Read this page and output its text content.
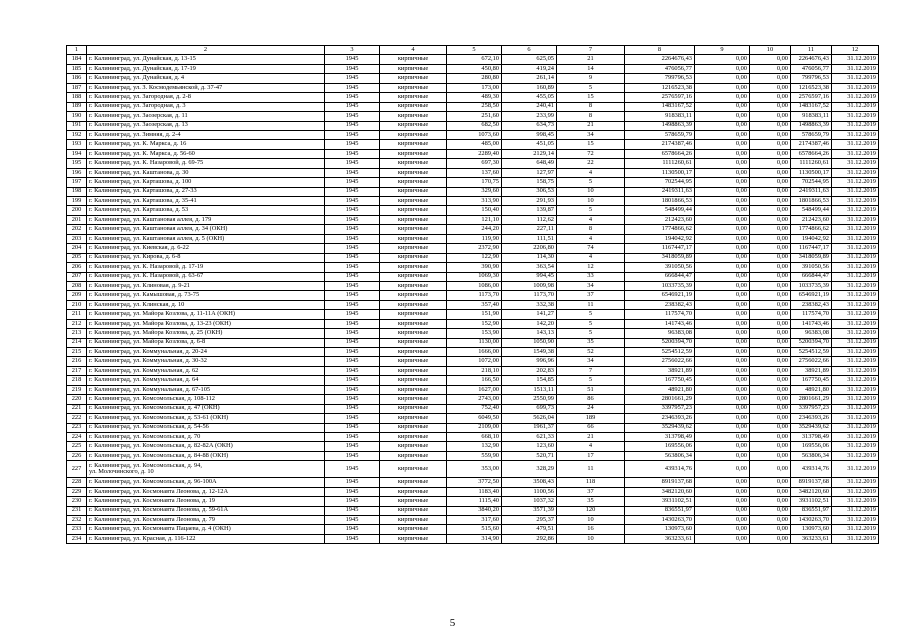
1	2	3	4	5	6	7	8	9	10	11	12
184	г. Калининград, ул. Дунайская, д. 13-15	1945	кирпичные	672,10	625,05	21	2264676,43	0,00	0,00	2264676,43	31.12.2019
185	г. Калининград, ул. Дунайская, д. 17-19	1945	кирпичные	450,80	419,24	14	476056,77	0,00	0,00	476056,77	31.12.2019
186	г. Калининград, ул. Дунайская, д. 4	1945	кирпичные	280,80	261,14	9	799796,53	0,00	0,00	799796,53	31.12.2019
187	г. Калининград, ул. З. Космодемьянской, д. 37-47	1945	кирпичные	173,00	160,89	5	1216523,38	0,00	0,00	1216523,38	31.12.2019
188	г. Калининград, ул. Загородная, д. 2-8	1945	кирпичные	489,30	455,05	15	2576597,16	0,00	0,00	2576597,16	31.12.2019
189	г. Калининград, ул. Загородная, д. 3	1945	кирпичные	258,50	240,41	8	1483167,52	0,00	0,00	1483167,52	31.12.2019
190	г. Калининград, ул. Заозерская, д. 11	1945	кирпичные	251,60	233,99	8	918383,11	0,00	0,00	918383,11	31.12.2019
191	г. Калининград, ул. Заозерская, д. 13	1945	кирпичные	682,50	634,73	21	1498863,39	0,00	0,00	1498863,39	31.12.2019
192	г. Калининград, ул. Зимняя, д. 2-4	1945	кирпичные	1073,60	998,45	34	578659,79	0,00	0,00	578659,79	31.12.2019
193	г. Калининград, ул. К. Маркса, д. 16	1945	кирпичные	485,00	451,05	15	2174387,46	0,00	0,00	2174387,46	31.12.2019
194	г. Калининград, ул. К. Маркса, д. 56-60	1945	кирпичные	2289,40	2129,14	72	6578664,26	0,00	0,00	6578664,26	31.12.2019
195	г. Калининград, ул. К. Назаровой, д. 69-75	1945	кирпичные	697,30	648,49	22	1111260,61	0,00	0,00	1111260,61	31.12.2019
196	г. Калининград, ул. Каштанова, д. 30	1945	кирпичные	137,60	127,97	4	1130500,17	0,00	0,00	1130500,17	31.12.2019
197	г. Калининград, ул. Карташова, д. 100	1945	кирпичные	170,75	158,75	5	702544,95	0,00	0,00	702544,95	31.12.2019
198	г. Калининград, ул. Карташова, д. 27-33	1945	кирпичные	329,60	306,53	10	2419311,63	0,00	0,00	2419311,63	31.12.2019
199	г. Калининград, ул. Карташова, д. 35-41	1945	кирпичные	313,90	291,93	10	1801866,53	0,00	0,00	1801866,53	31.12.2019
200	г. Калининград, ул. Карташова, д. 53	1945	кирпичные	150,40	139,87	5	548499,44	0,00	0,00	548499,44	31.12.2019
201	г. Калининград, ул. Каштановая аллея, д. 179	1945	кирпичные	121,10	112,62	4	212423,60	0,00	0,00	212423,60	31.12.2019
202	г. Калининград, ул. Каштановая аллея, д. 34 (ОКН)	1945	кирпичные	244,20	227,11	8	1774866,62	0,00	0,00	1774866,62	31.12.2019
203	г. Калининград, ул. Каштановая аллея, д. 5 (ОКН)	1945	кирпичные	119,90	111,51	4	194042,92	0,00	0,00	194042,92	31.12.2019
204	г. Калининград, ул. Киевская, д. 6-22	1945	кирпичные	2372,90	2206,80	74	1167447,17	0,00	0,00	1167447,17	31.12.2019
205	г. Калининград, ул. Кирова, д. 6-8	1945	кирпичные	122,90	114,30	4	3418059,89	0,00	0,00	3418059,89	31.12.2019
206	г. Калининград, ул. К. Назаровой, д. 17-19	1945	кирпичные	390,90	363,54	12	391050,56	0,00	0,00	391050,56	31.12.2019
207	г. Калининград, ул. К. Назаровой, д. 63-67	1945	кирпичные	1069,30	994,45	33	666844,47	0,00	0,00	666844,47	31.12.2019
208	г. Калининград, ул. Клиновая, д. 9-21	1945	кирпичные	1086,00	1009,98	34	1033735,39	0,00	0,00	1033735,39	31.12.2019
209	г. Калининград, ул. Камышовая, д. 73-75	1945	кирпичные	1173,70	1173,70	37	6546921,19	0,00	0,00	6546921,19	31.12.2019
210	г. Калининград, ул. Клинская, д. 10	1945	кирпичные	357,40	332,38	11	238382,43	0,00	0,00	238382,43	31.12.2019
211	г. Калининград, ул. Майора Козлова, д. 11-11А (ОКН)	1945	кирпичные	151,90	141,27	5	117574,70	0,00	0,00	117574,70	31.12.2019
212	г. Калининград, ул. Майора Козлова, д. 13-23 (ОКН)	1945	кирпичные	152,90	142,20	5	141743,46	0,00	0,00	141743,46	31.12.2019
213	г. Калининград, ул. Майора Козлова, д. 25 (ОКН)	1945	кирпичные	153,90	143,13	5	96383,08	0,00	0,00	96383,08	31.12.2019
214	г. Калининград, ул. Майора Козлова, д. 6-8	1945	кирпичные	1130,00	1050,90	35	5200394,70	0,00	0,00	5200394,70	31.12.2019
215	г. Калининград, ул. Коммунальная, д. 20-24	1945	кирпичные	1666,00	1549,38	52	5254512,59	0,00	0,00	5254512,59	31.12.2019
216	г. Калининград, ул. Коммунальная, д. 30-32	1945	кирпичные	1072,00	996,96	34	2756022,66	0,00	0,00	2756022,66	31.12.2019
217	г. Калининград, ул. Коммунальная, д. 62	1945	кирпичные	218,10	202,83	7	38921,89	0,00	0,00	38921,89	31.12.2019
218	г. Калининград, ул. Коммунальная, д. 64	1945	кирпичные	166,50	154,85	5	167750,45	0,00	0,00	167750,45	31.12.2019
219	г. Калининград, ул. Коммунальная, д. 67-105	1945	кирпичные	1627,00	1513,11	51	48921,80	0,00	0,00	48921,80	31.12.2019
220	г. Калининград, ул. Комсомольская, д. 108-112	1945	кирпичные	2743,00	2550,99	86	2801661,29	0,00	0,00	2801661,29	31.12.2019
221	г. Калининград, ул. Комсомольская, д. 47 (ОКН)	1945	кирпичные	752,40	699,73	24	3397957,23	0,00	0,00	3397957,23	31.12.2019
222	г. Калининград, ул. Комсомольская, д. 53-61 (ОКН)	1945	кирпичные	6049,50	5626,04	189	2346393,26	0,00	0,00	2346393,26	31.12.2019
223	г. Калининград, ул. Комсомольская, д. 54-56	1945	кирпичные	2109,00	1961,37	66	3529439,62	0,00	0,00	3529439,62	31.12.2019
224	г. Калининград, ул. Комсомольская, д. 70	1945	кирпичные	668,10	621,33	21	313798,49	0,00	0,00	313798,49	31.12.2019
225	г. Калининград, ул. Комсомольская, д. 82-82А (ОКН)	1945	кирпичные	132,90	123,60	4	169556,06	0,00	0,00	169556,06	31.12.2019
226	г. Калининград, ул. Комсомольская, д. 84-88 (ОКН)	1945	кирпичные	559,90	520,71	17	563806,34	0,00	0,00	563806,34	31.12.2019
227	г. Калининград, ул. Комсомольская, д. 94,
ул. Молочинского, д. 10	1945	кирпичные	353,00	328,29	11	439314,76	0,00	0,00	439314,76	31.12.2019
228	г. Калининград, ул. Комсомольская, д. 96-100А	1945	кирпичные	3772,50	3508,43	118	8919137,68	0,00	0,00	8919137,68	31.12.2019
229	г. Калининград, ул. Космонавта Леонова, д. 12-12А	1945	кирпичные	1183,40	1100,56	37	3482120,60	0,00	0,00	3482120,60	31.12.2019
230	г. Калининград, ул. Космонавта Леонова, д. 19	1945	кирпичные	1115,40	1037,32	35	3931102,51	0,00	0,00	3931102,51	31.12.2019
231	г. Калининград, ул. Космонавта Леонова, д. 59-61А	1945	кирпичные	3840,20	3571,39	120	836551,97	0,00	0,00	836551,97	31.12.2019
232	г. Калининград, ул. Космонавта Леонова, д. 79	1945	кирпичные	317,60	295,37	10	1430263,70	0,00	0,00	1430263,70	31.12.2019
233	г. Калининград, ул. Космонавта Пацаева, д. 4 (ОКН)	1945	кирпичные	515,60	479,51	16	130973,60	0,00	0,00	130973,60	31.12.2019
234	г. Калининград, ул. Красная, д. 116-122	1945	кирпичные	314,90	292,86	10	363233,61	0,00	0,00	363233,61	31.12.2019
5
